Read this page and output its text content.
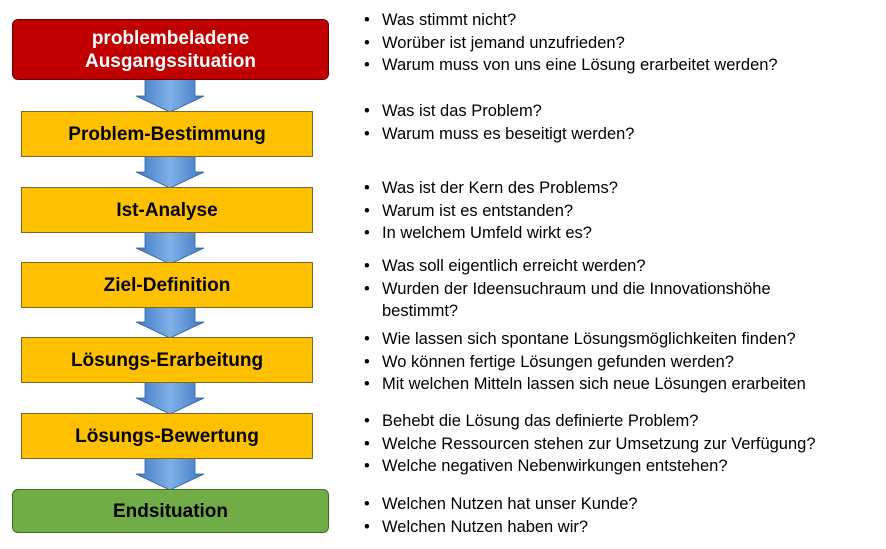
problembeladene
Ausgangssituation
Problem-Bestimmung
Ist-Analyse
Ziel-Definition
Lösungs-Erarbeitung
Lösungs-Bewertung
Endsituation
• Was stimmt nicht?
• Worüber ist jemand unzufrieden?
• Warum muss von uns eine Lösung erarbeitet werden?
• Was ist das Problem?
• Warum muss es beseitigt werden?
• Was ist der Kern des Problems?
• Warum ist es entstanden?
• In welchem Umfeld wirkt es?
• Was soll eigentlich erreicht werden?
• Wurden der Ideensuchraum und die Innovationshöhe bestimmt?
• Wie lassen sich spontane Lösungsmöglichkeiten finden?
• Wo können fertige Lösungen gefunden werden?
• Mit welchen Mitteln lassen sich neue Lösungen erarbeiten
• Behebt die Lösung das definierte Problem?
• Welche Ressourcen stehen zur Umsetzung zur Verfügung?
• Welche negativen Nebenwirkungen entstehen?
• Welchen Nutzen hat unser Kunde?
• Welchen Nutzen haben wir?
